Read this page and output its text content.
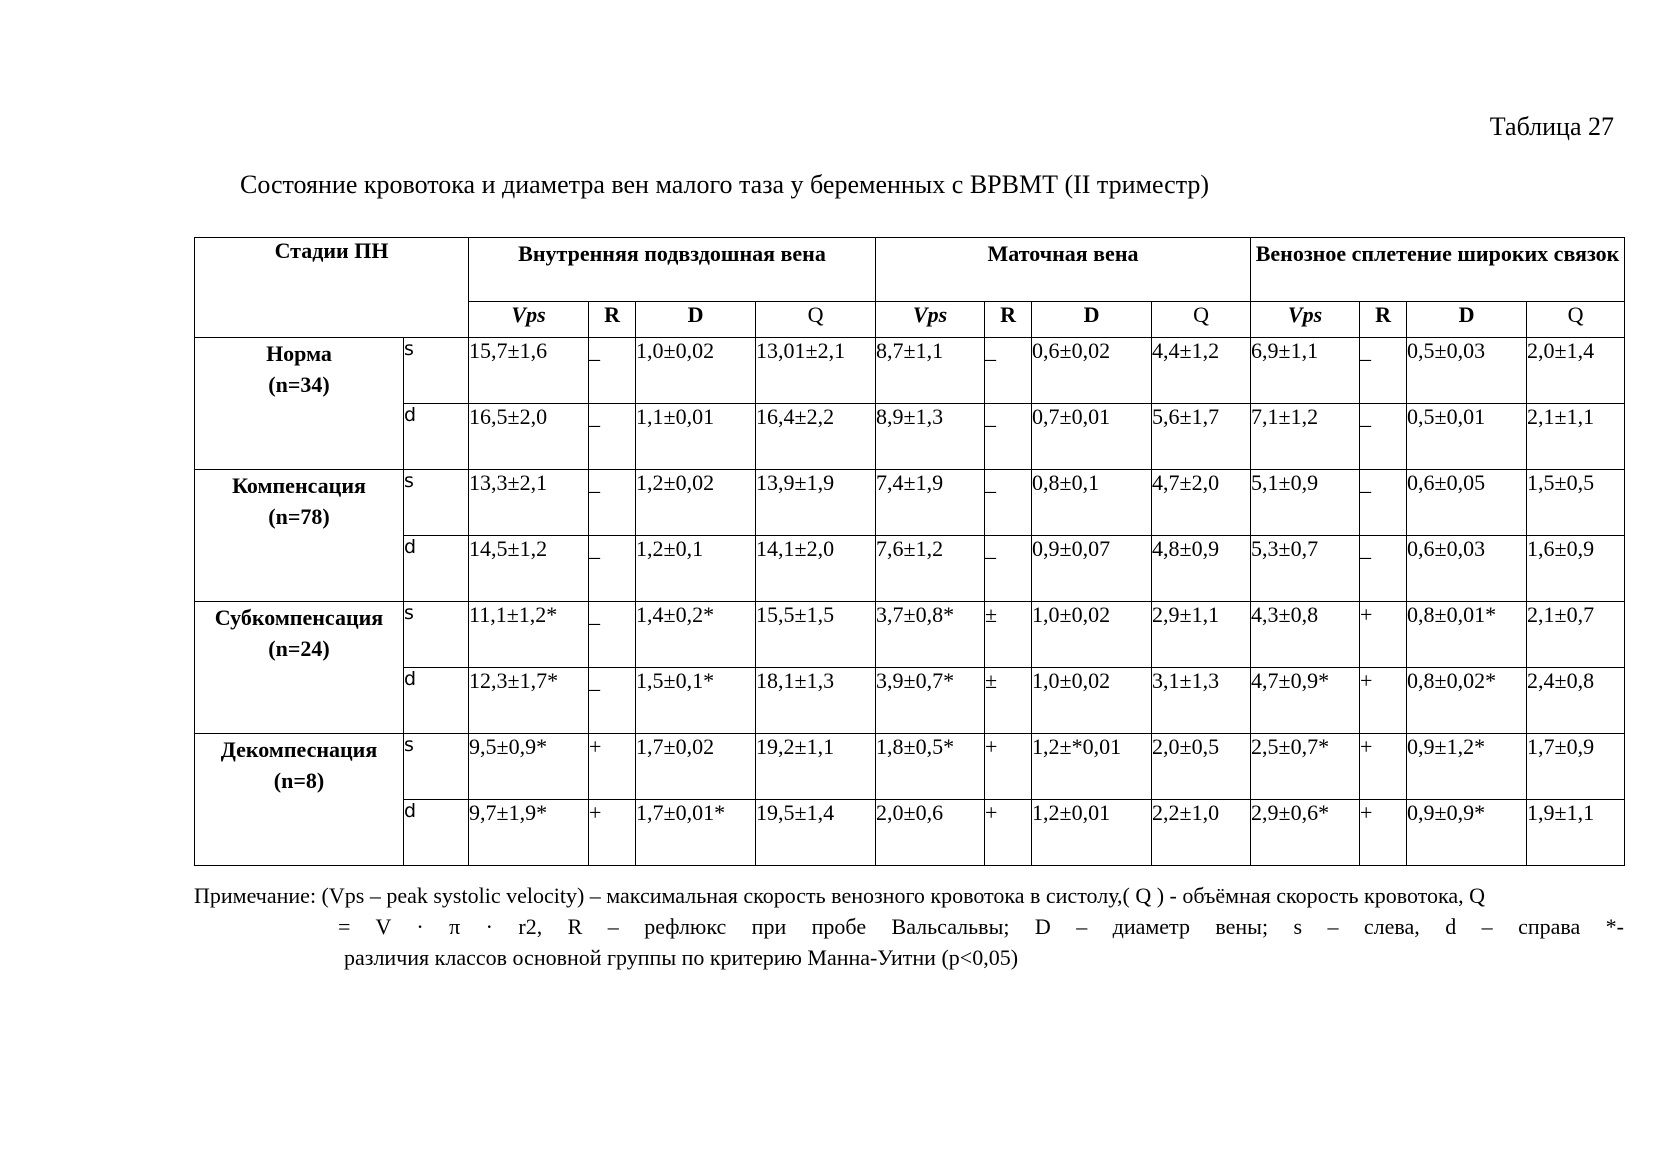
Таблица 27
Состояние кровотока и диаметра вен малого таза у беременных с ВРВМТ (II триместр)
Стадии ПН		Внутренняя подвздошная вена				Маточная вена				Венозное сплетение широких связок			
		Vps	R	D	Q	Vps	R	D	Q	Vps	R	D	Q

Норма
(n=34)	s	15,7±1,6	_	1,0±0,02	13,01±2,1	8,7±1,1	_	0,6±0,02	4,4±1,2	6,9±1,1	_	0,5±0,03	2,0±1,4
	d	16,5±2,0	_	1,1±0,01	16,4±2,2	8,9±1,3	_	0,7±0,01	5,6±1,7	7,1±1,2	_	0,5±0,01	2,1±1,1

Компенсация
(n=78)	s	13,3±2,1	_	1,2±0,02	13,9±1,9	7,4±1,9	_	0,8±0,1	4,7±2,0	5,1±0,9	_	0,6±0,05	1,5±0,5
	d	14,5±1,2	_	1,2±0,1	14,1±2,0	7,6±1,2	_	0,9±0,07	4,8±0,9	5,3±0,7	_	0,6±0,03	1,6±0,9

Субкомпенсация
(n=24)	s	11,1±1,2*	_	1,4±0,2*	15,5±1,5	3,7±0,8*	±	1,0±0,02	2,9±1,1	4,3±0,8	+	0,8±0,01*	2,1±0,7
	d	12,3±1,7*	_	1,5±0,1*	18,1±1,3	3,9±0,7*	±	1,0±0,02	3,1±1,3	4,7±0,9*	+	0,8±0,02*	2,4±0,8

Декомпеснация
(n=8)	s	9,5±0,9*	+	1,7±0,02	19,2±1,1	1,8±0,5*	+	1,2±*0,01	2,0±0,5	2,5±0,7*	+	0,9±1,2*	1,7±0,9
	d	9,7±1,9*	+	1,7±0,01*	19,5±1,4	2,0±0,6	+	1,2±0,01	2,2±1,0	2,9±0,6*	+	0,9±0,9*	1,9±1,1
Примечание: (Vps – peak systolic velocity) – максимальная скорость венозного кровотока в систолу,( Q ) - объёмная скорость кровотока, Q
= V · π · r2, R – рефлюкс при пробе Вальсальвы; D – диаметр вены; s – слева, d – справа *-
различия классов основной группы по критерию Манна-Уитни (p<0,05)
